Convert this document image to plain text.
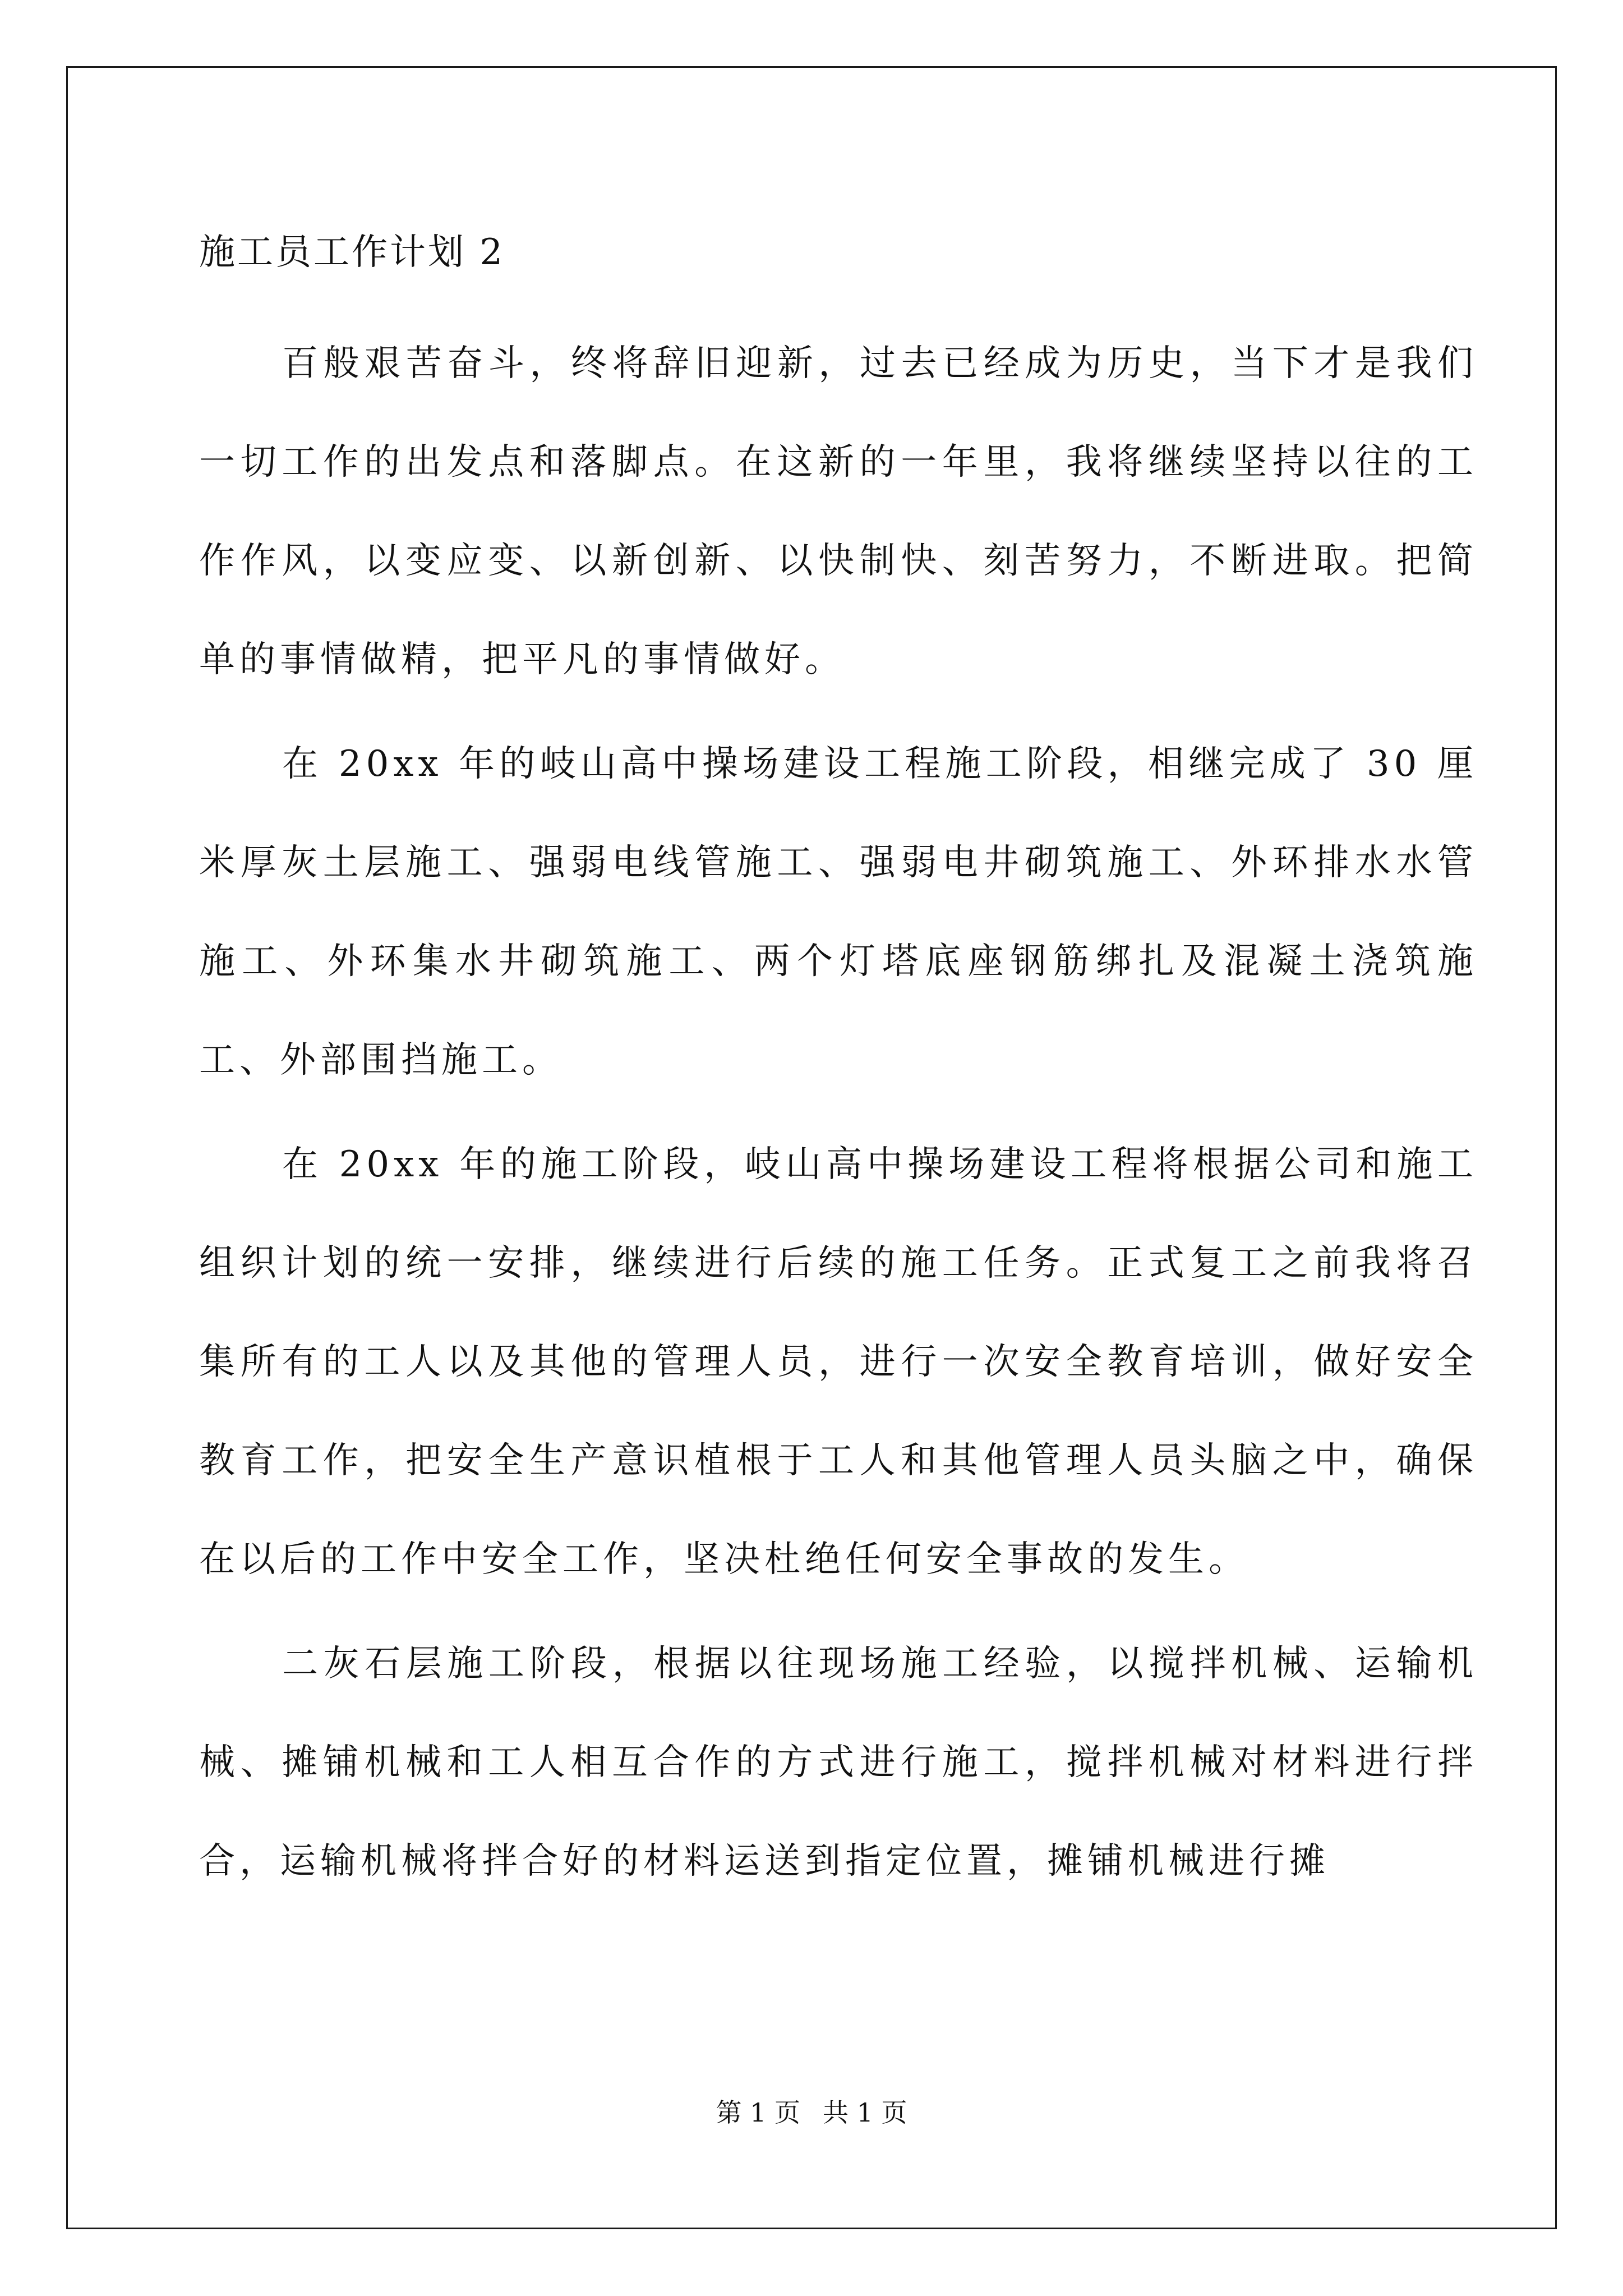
施工员工作计划 2

百般艰苦奋斗，终将辞旧迎新，过去已经成为历史，当下才是我们一切工作的出发点和落脚点。在这新的一年里，我将继续坚持以往的工作作风，以变应变、以新创新、以快制快、刻苦努力，不断进取。把简单的事情做精，把平凡的事情做好。

在 20xx 年的岐山高中操场建设工程施工阶段，相继完成了 30 厘米厚灰土层施工、强弱电线管施工、强弱电井砌筑施工、外环排水水管施工、外环集水井砌筑施工、两个灯塔底座钢筋绑扎及混凝土浇筑施工、外部围挡施工。

在 20xx 年的施工阶段，岐山高中操场建设工程将根据公司和施工组织计划的统一安排，继续进行后续的施工任务。正式复工之前我将召集所有的工人以及其他的管理人员，进行一次安全教育培训，做好安全教育工作，把安全生产意识植根于工人和其他管理人员头脑之中，确保在以后的工作中安全工作，坚决杜绝任何安全事故的发生。

二灰石层施工阶段，根据以往现场施工经验，以搅拌机械、运输机械、摊铺机械和工人相互合作的方式进行施工，搅拌机械对材料进行拌合，运输机械将拌合好的材料运送到指定位置，摊铺机械进行摊

第 1 页 共 1 页
